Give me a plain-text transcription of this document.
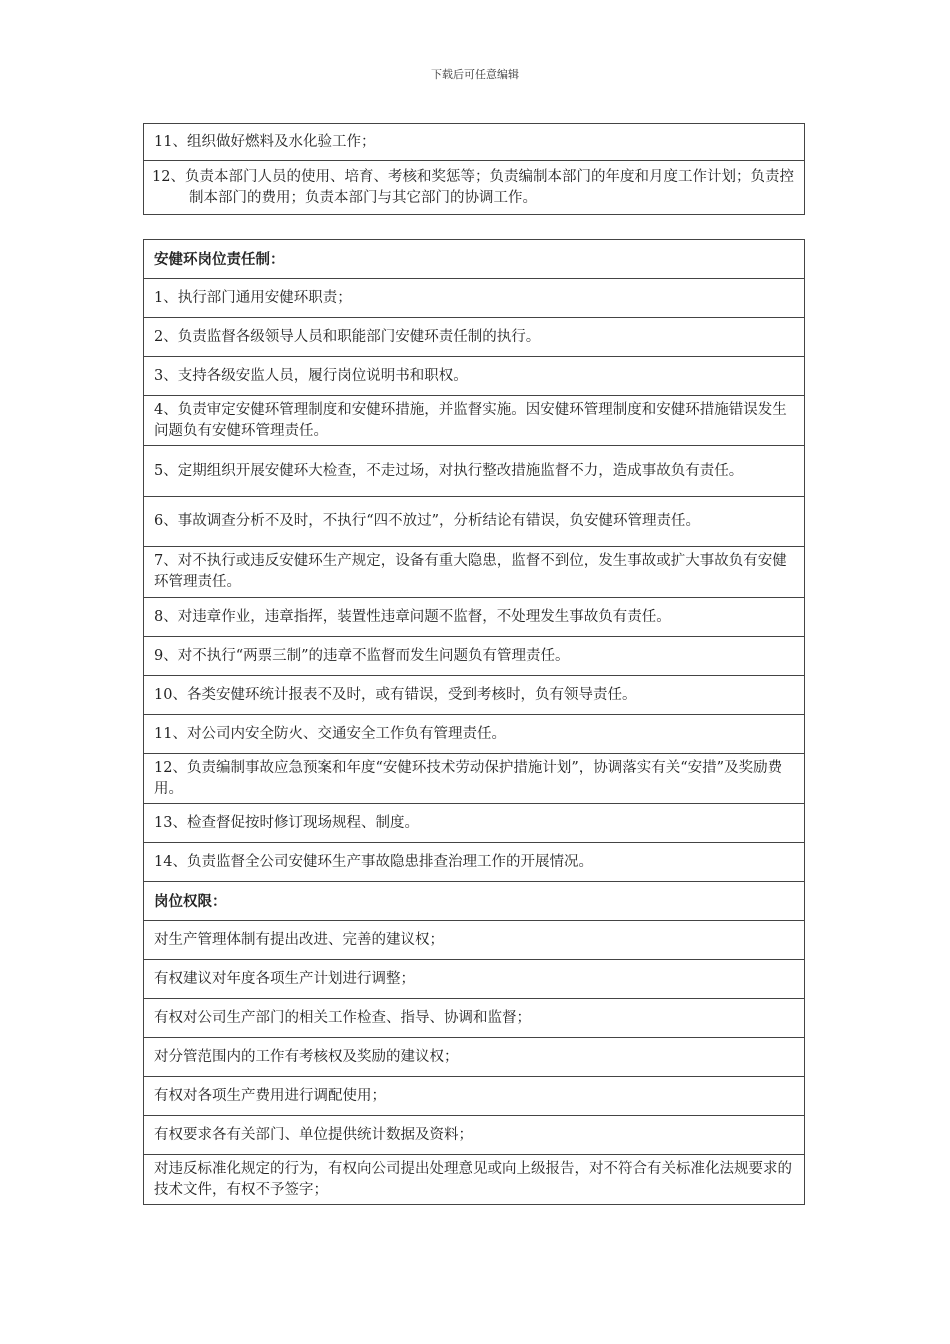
下载后可任意编辑
11、组织做好燃料及水化验工作；
12、负责本部门人员的使用、培育、考核和奖惩等；负责编制本部门的年度和月度工作计划；负责控制本部门的费用；负责本部门与其它部门的协调工作。
安健环岗位责任制：
1、执行部门通用安健环职责；
2、负责监督各级领导人员和职能部门安健环责任制的执行。
3、支持各级安监人员，履行岗位说明书和职权。
4、负责审定安健环管理制度和安健环措施，并监督实施。因安健环管理制度和安健环措施错误发生问题负有安健环管理责任。
5、定期组织开展安健环大检查，不走过场，对执行整改措施监督不力，造成事故负有责任。
6、事故调查分析不及时，不执行“四不放过”，分析结论有错误，负安健环管理责任。
7、对不执行或违反安健环生产规定，设备有重大隐患，监督不到位，发生事故或扩大事故负有安健环管理责任。
8、对违章作业，违章指挥，装置性违章问题不监督，不处理发生事故负有责任。
9、对不执行“两票三制”的违章不监督而发生问题负有管理责任。
10、各类安健环统计报表不及时，或有错误，受到考核时，负有领导责任。
11、对公司内安全防火、交通安全工作负有管理责任。
12、负责编制事故应急预案和年度“安健环技术劳动保护措施计划”，协调落实有关“安措”及奖励费用。
13、检查督促按时修订现场规程、制度。
14、负责监督全公司安健环生产事故隐患排查治理工作的开展情况。
岗位权限：
对生产管理体制有提出改进、完善的建议权；
有权建议对年度各项生产计划进行调整；
有权对公司生产部门的相关工作检查、指导、协调和监督；
对分管范围内的工作有考核权及奖励的建议权；
有权对各项生产费用进行调配使用；
有权要求各有关部门、单位提供统计数据及资料；
对违反标准化规定的行为，有权向公司提出处理意见或向上级报告，对不符合有关标准化法规要求的技术文件，有权不予签字；
